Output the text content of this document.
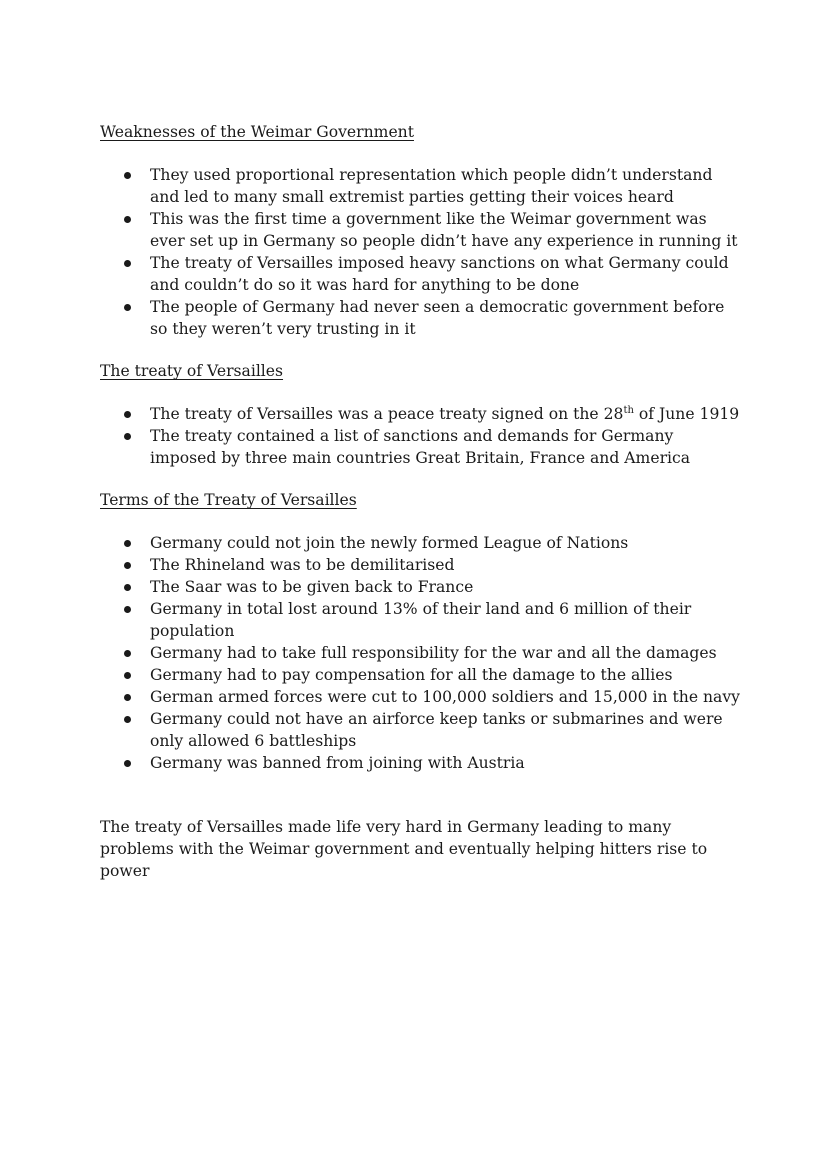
Weaknesses of the Weimar Government
They used proportional representation which people didn’t understand and led to many small extremist parties getting their voices heard
This was the first time a government like the Weimar government was ever set up in Germany so people didn’t have any experience in running it
The treaty of Versailles imposed heavy sanctions on what Germany could and couldn’t do so it was hard for anything to be done
The people of Germany had never seen a democratic government before so they weren’t very trusting in it
The treaty of Versailles
The treaty of Versailles was a peace treaty signed on the 28th of June 1919
The treaty contained a list of sanctions and demands for Germany imposed by three main countries Great Britain, France and America
Terms of the Treaty of Versailles
Germany could not join the newly formed League of Nations
The Rhineland was to be demilitarised
The Saar was to be given back to France
Germany in total lost around 13% of their land and 6 million of their population
Germany had to take full responsibility for the war and all the damages
Germany had to pay compensation for all the damage to the allies
German armed forces were cut to 100,000 soldiers and 15,000 in the navy
Germany could not have an airforce keep tanks or submarines and were only allowed 6 battleships
Germany was banned from joining with Austria

The treaty of Versailles made life very hard in Germany leading to many problems with the Weimar government and eventually helping hitters rise to power
